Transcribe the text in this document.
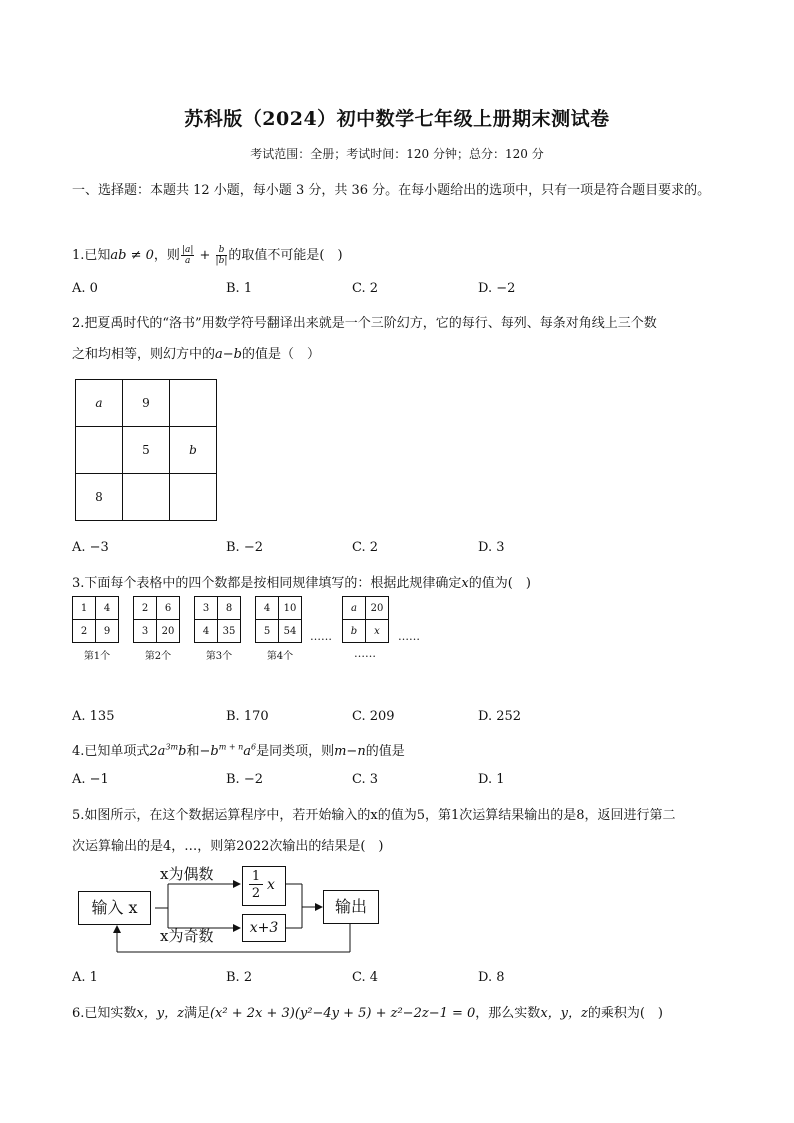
苏科版（2024）初中数学七年级上册期末测试卷
考试范围：全册；考试时间：120 分钟；总分：120 分
一、选择题：本题共 12 小题，每小题 3 分，共 36 分。在每小题给出的选项中，只有一项是符合题目要求的。
1.已知ab ≠ 0，则 $\frac{|a|}{a} + \frac{b}{|b|}$ 的取值不可能是(　)
A. 0	B. 1	C. 2	D. −2
2.把夏禹时代的“洛书”用数学符号翻译出来就是一个三阶幻方，它的每行、每列、每条对角线上三个数
之和均相等，则幻方中的a−b的值是（　）
a	9	
	5	b
8		
A. −3	B. −2	C. 2	D. 3
3.下面每个表格中的四个数都是按相同规律填写的：根据此规律确定x的值为(　)
1	4
2	9
第1个
2	6
3	20
第2个
3	8
4	35
第3个
4	10
5	54
第4个
……
a	20
b	x
……
……
A. 135	B. 170	C. 209	D. 252
4.已知单项式$2a^{3m}b$和$-b^{m + n}a^6$是同类项，则m−n的值是
A. −1	B. −2	C. 3	D. 1
5.如图所示，在这个数据运算程序中，若开始输入的x的值为5，第1次运算结果输出的是8，返回进行第二
次运算输出的是4，…，则第2022次输出的结果是(　)
输入 x
x为偶数
x为奇数
1
2
x
x+3
输出
A. 1	B. 2	C. 4	D. 8
6.已知实数x，y，z满足(x² + 2x + 3)(y²−4y + 5) + z²−2z−1 = 0，那么实数x，y，z的乘积为(　)
